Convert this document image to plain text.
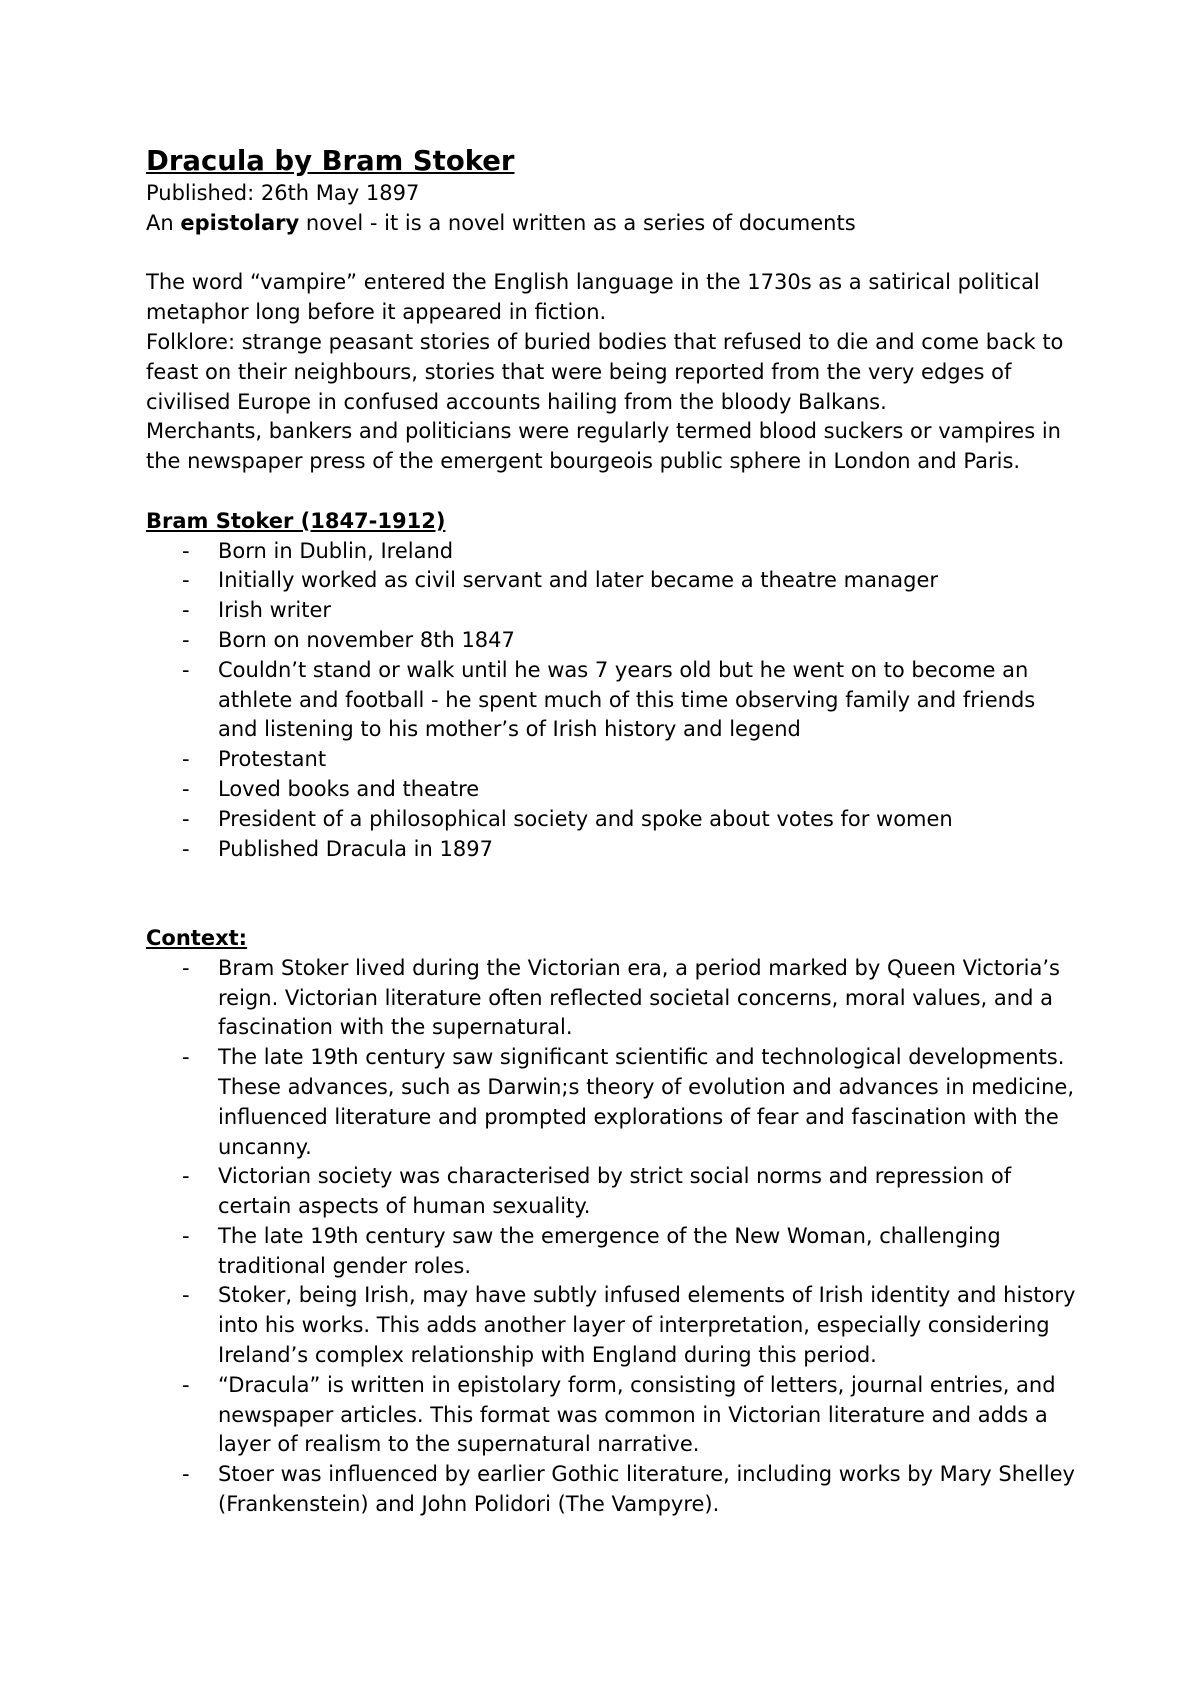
Dracula by Bram Stoker

Published: 26th May 1897

An epistolary novel - it is a novel written as a series of documents

The word “vampire” entered the English language in the 1730s as a satirical political metaphor long before it appeared in fiction.

Folklore: strange peasant stories of buried bodies that refused to die and come back to feast on their neighbours, stories that were being reported from the very edges of civilised Europe in confused accounts hailing from the bloody Balkans.

Merchants, bankers and politicians were regularly termed blood suckers or vampires in the newspaper press of the emergent bourgeois public sphere in London and Paris.

Bram Stoker (1847-1912)

- Born in Dublin, Ireland
- Initially worked as civil servant and later became a theatre manager
- Irish writer
- Born on november 8th 1847
- Couldn’t stand or walk until he was 7 years old but he went on to become an athlete and football - he spent much of this time observing family and friends and listening to his mother’s of Irish history and legend
- Protestant
- Loved books and theatre
- President of a philosophical society and spoke about votes for women
- Published Dracula in 1897

Context:

- Bram Stoker lived during the Victorian era, a period marked by Queen Victoria’s reign. Victorian literature often reflected societal concerns, moral values, and a fascination with the supernatural.
- The late 19th century saw significant scientific and technological developments. These advances, such as Darwin;s theory of evolution and advances in medicine, influenced literature and prompted explorations of fear and fascination with the uncanny.
- Victorian society was characterised by strict social norms and repression of certain aspects of human sexuality.
- The late 19th century saw the emergence of the New Woman, challenging traditional gender roles.
- Stoker, being Irish, may have subtly infused elements of Irish identity and history into his works. This adds another layer of interpretation, especially considering Ireland’s complex relationship with England during this period.
- “Dracula” is written in epistolary form, consisting of letters, journal entries, and newspaper articles. This format was common in Victorian literature and adds a layer of realism to the supernatural narrative.
- Stoer was influenced by earlier Gothic literature, including works by Mary Shelley (Frankenstein) and John Polidori (The Vampyre).
